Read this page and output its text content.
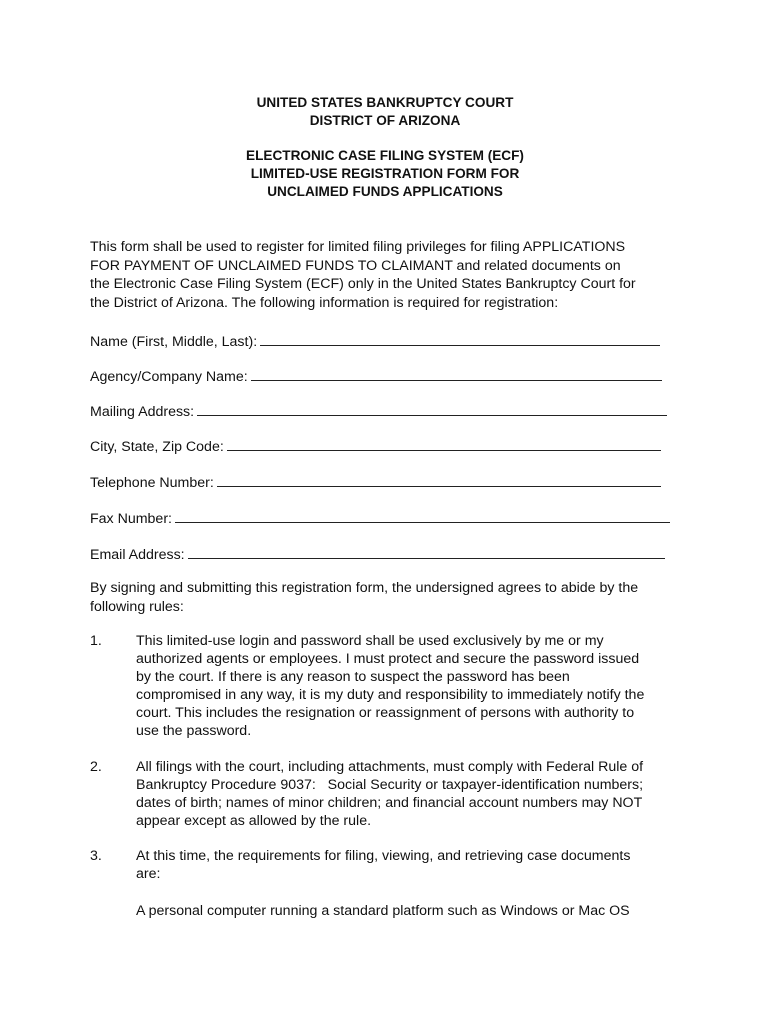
UNITED STATES BANKRUPTCY COURT
DISTRICT OF ARIZONA
ELECTRONIC CASE FILING SYSTEM (ECF)
LIMITED-USE REGISTRATION FORM FOR
UNCLAIMED FUNDS APPLICATIONS
This form shall be used to register for limited filing privileges for filing APPLICATIONS
FOR PAYMENT OF UNCLAIMED FUNDS TO CLAIMANT and related documents on
the Electronic Case Filing System (ECF) only in the United States Bankruptcy Court for
the District of Arizona. The following information is required for registration:
Name (First, Middle, Last):
Agency/Company Name:
Mailing Address:
City, State, Zip Code:
Telephone Number:
Fax Number:
Email Address:
By signing and submitting this registration form, the undersigned agrees to abide by the
following rules:
1. This limited-use login and password shall be used exclusively by me or my
authorized agents or employees. I must protect and secure the password issued
by the court. If there is any reason to suspect the password has been
compromised in any way, it is my duty and responsibility to immediately notify the
court. This includes the resignation or reassignment of persons with authority to
use the password.
2. All filings with the court, including attachments, must comply with Federal Rule of
Bankruptcy Procedure 9037:   Social Security or taxpayer-identification numbers;
dates of birth; names of minor children; and financial account numbers may NOT
appear except as allowed by the rule.
3. At this time, the requirements for filing, viewing, and retrieving case documents
are:
A personal computer running a standard platform such as Windows or Mac OS
